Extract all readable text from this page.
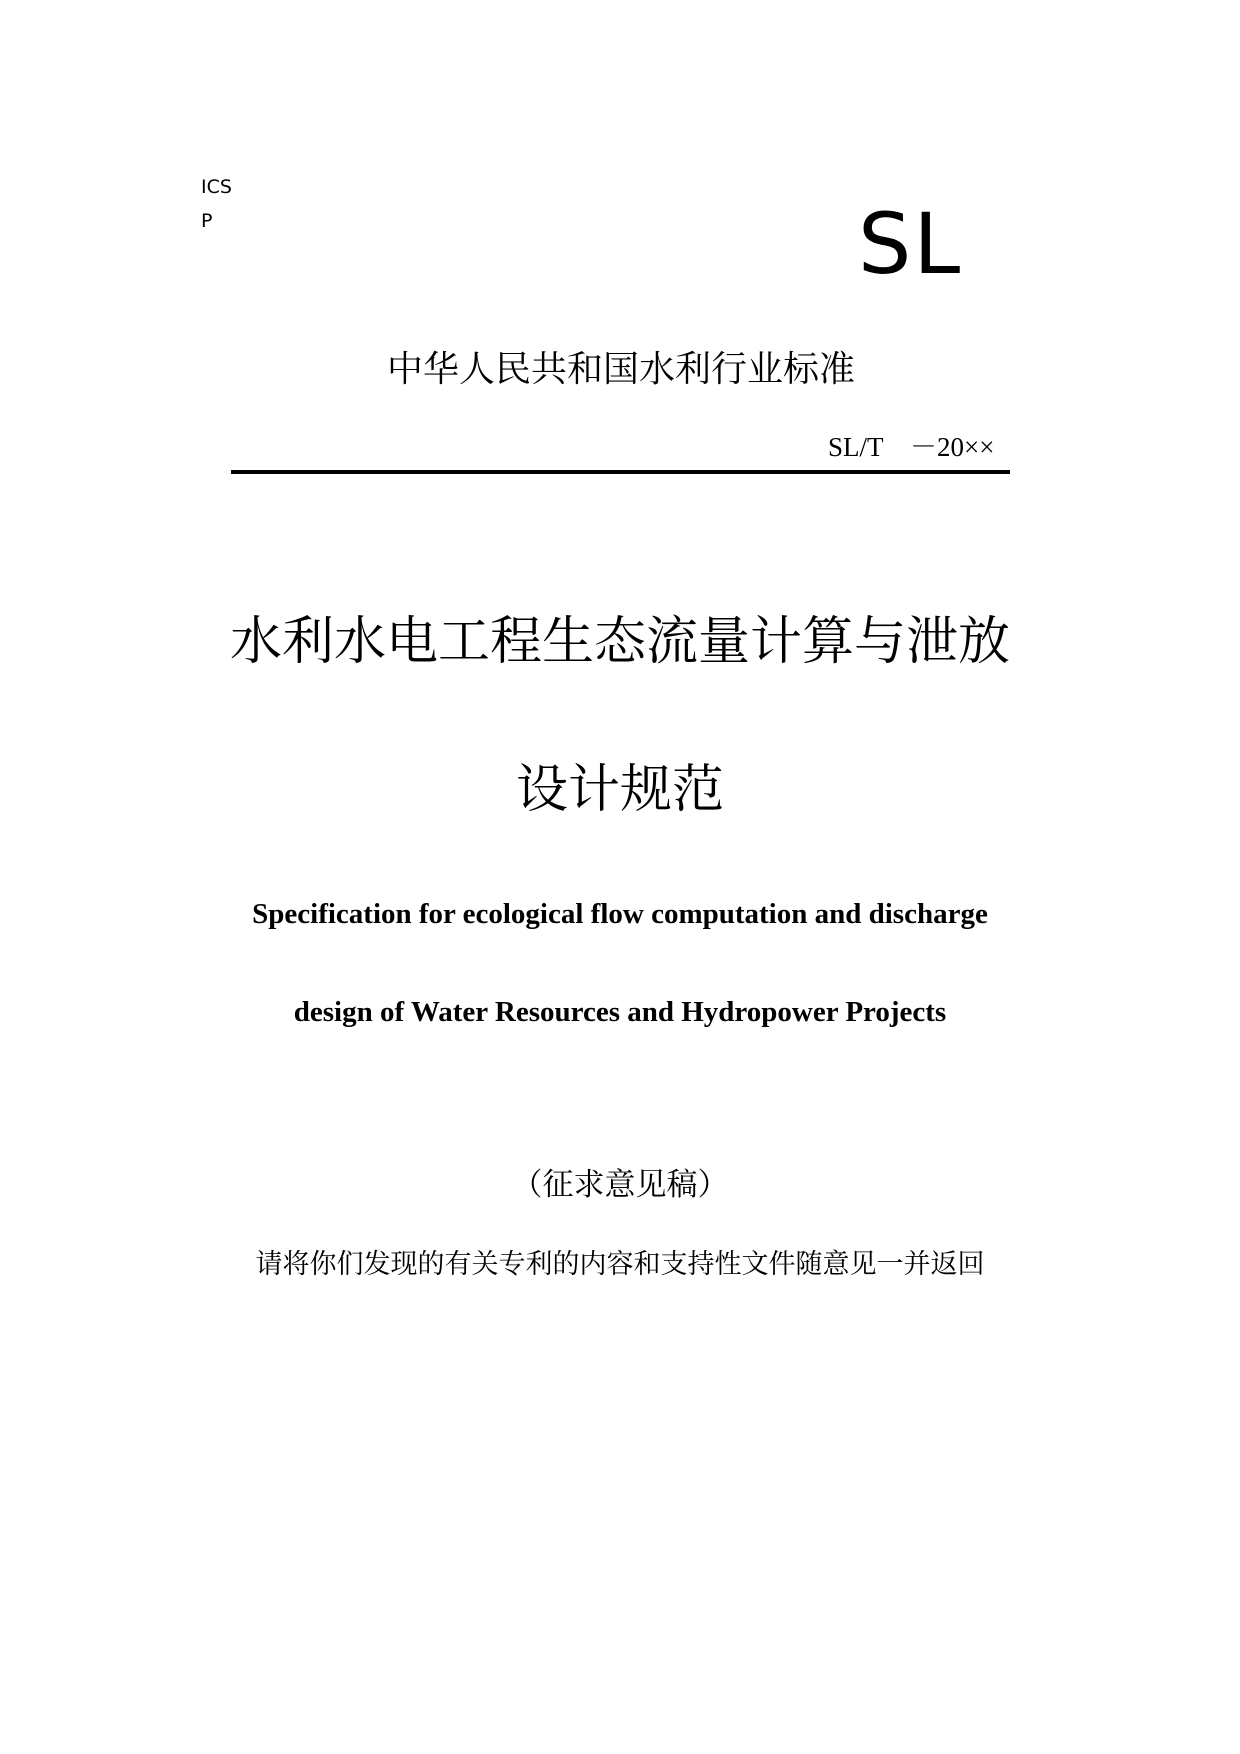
ICS
P	SL
中华人民共和国水利行业标准
SL/T　－20××
水利水电工程生态流量计算与泄放
设计规范
Specification for ecological flow computation and discharge
design of Water Resources and Hydropower Projects
（征求意见稿）
请将你们发现的有关专利的内容和支持性文件随意见一并返回
